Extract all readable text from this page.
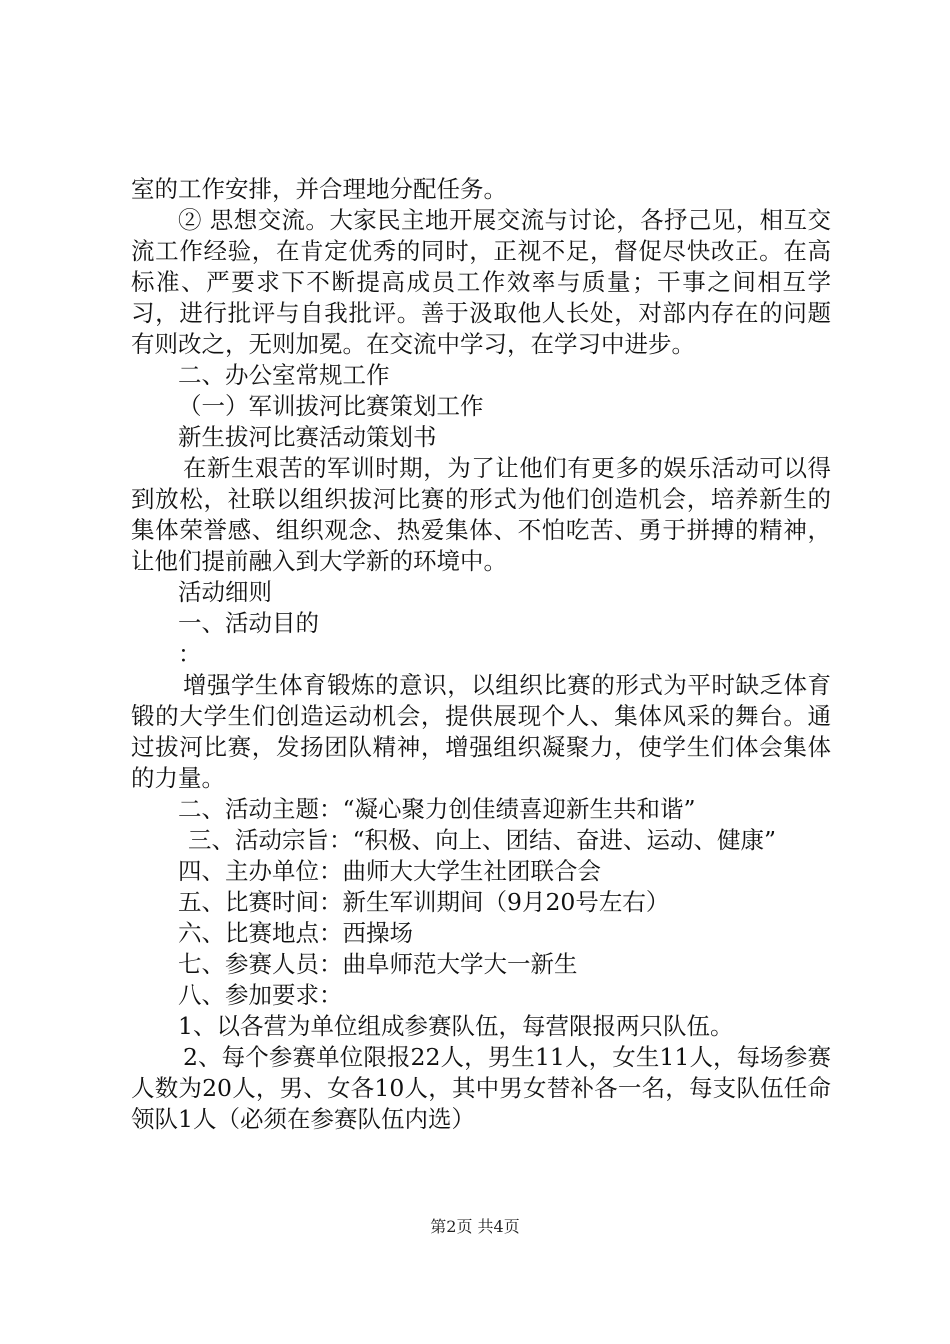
室的工作安排，并合理地分配任务。

② 思想交流。大家民主地开展交流与讨论，各抒己见，相互交流工作经验，在肯定优秀的同时，正视不足，督促尽快改正。在高标准、严要求下不断提高成员工作效率与质量；干事之间相互学习，进行批评与自我批评。善于汲取他人长处，对部内存在的问题有则改之，无则加冕。在交流中学习，在学习中进步。

二、办公室常规工作

（一）军训拔河比赛策划工作

新生拔河比赛活动策划书

在新生艰苦的军训时期，为了让他们有更多的娱乐活动可以得到放松，社联以组织拔河比赛的形式为他们创造机会，培养新生的集体荣誉感、组织观念、热爱集体、不怕吃苦、勇于拼搏的精神，让他们提前融入到大学新的环境中。

活动细则

一、活动目的

：

增强学生体育锻炼的意识，以组织比赛的形式为平时缺乏体育锻的大学生们创造运动机会，提供展现个人、集体风采的舞台。通过拔河比赛，发扬团队精神，增强组织凝聚力，使学生们体会集体的力量。

二、活动主题：“凝心聚力创佳绩喜迎新生共和谐”

三、活动宗旨：“积极、向上、团结、奋进、运动、健康”

四、主办单位：曲师大大学生社团联合会

五、比赛时间：新生军训期间（9月20号左右）

六、比赛地点：西操场

七、参赛人员：曲阜师范大学大一新生

八、参加要求：

1、以各营为单位组成参赛队伍，每营限报两只队伍。

2、每个参赛单位限报22人，男生11人，女生11人，每场参赛人数为20人，男、女各10人，其中男女替补各一名，每支队伍任命领队1人（必须在参赛队伍内选）

第2页 共4页
